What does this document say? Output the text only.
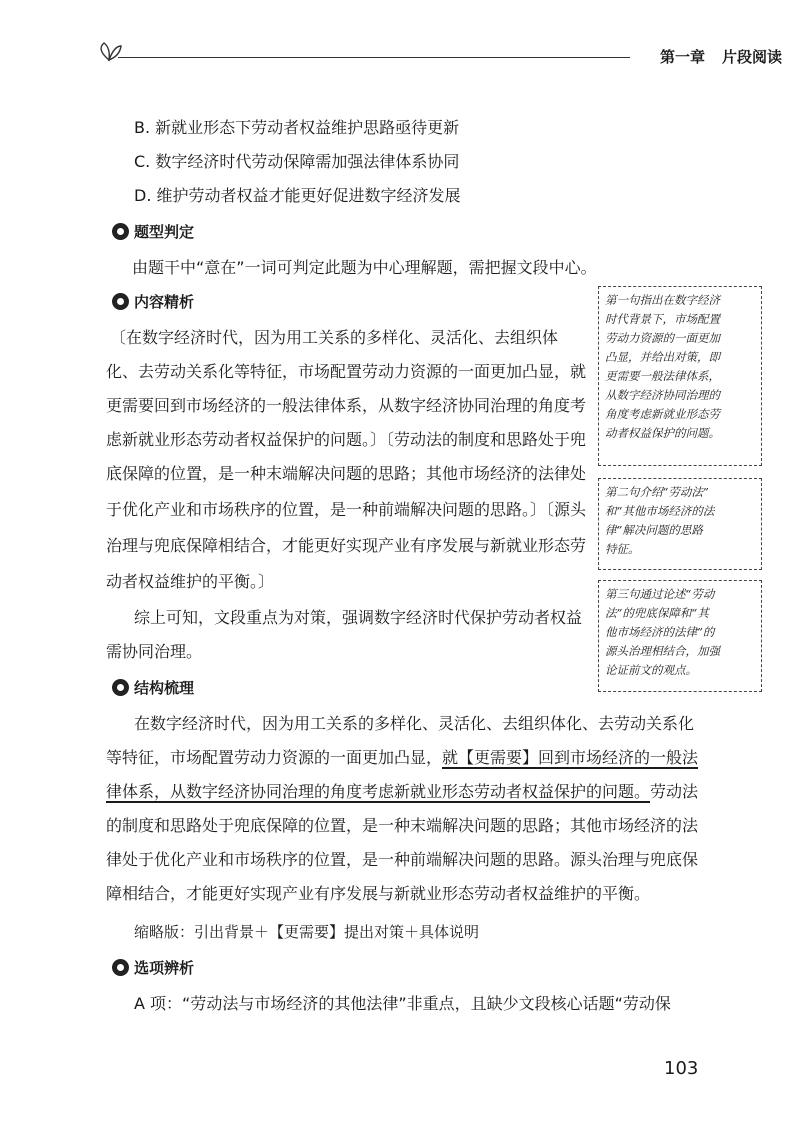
第一章 片段阅读
B. 新就业形态下劳动者权益维护思路亟待更新
C. 数字经济时代劳动保障需加强法律体系协同
D. 维护劳动者权益才能更好促进数字经济发展
题型判定
由题干中“意在”一词可判定此题为中心理解题，需把握文段中心。
内容精析
〔在数字经济时代，因为用工关系的多样化、灵活化、去组织体
化、去劳动关系化等特征，市场配置劳动力资源的一面更加凸显，就
更需要回到市场经济的一般法律体系，从数字经济协同治理的角度考
虑新就业形态劳动者权益保护的问题。〕〔劳动法的制度和思路处于兜
底保障的位置，是一种末端解决问题的思路；其他市场经济的法律处
于优化产业和市场秩序的位置，是一种前端解决问题的思路。〕〔源头
治理与兜底保障相结合，才能更好实现产业有序发展与新就业形态劳
动者权益维护的平衡。〕
综上可知，文段重点为对策，强调数字经济时代保护劳动者权益
需协同治理。
第一句指出在数字经济
时代背景下，市场配置
劳动力资源的一面更加
凸显，并给出对策，即
更需要一般法律体系，
从数字经济协同治理的
角度考虑新就业形态劳
动者权益保护的问题。
第二句介绍“劳动法”
和“其他市场经济的法
律”解决问题的思路
特征。
第三句通过论述“劳动
法”的兜底保障和“其
他市场经济的法律”的
源头治理相结合，加强
论证前文的观点。
结构梳理
在数字经济时代，因为用工关系的多样化、灵活化、去组织体化、去劳动关系化
等特征，市场配置劳动力资源的一面更加凸显，就【更需要】回到市场经济的一般法
律体系，从数字经济协同治理的角度考虑新就业形态劳动者权益保护的问题。劳动法
的制度和思路处于兜底保障的位置，是一种末端解决问题的思路；其他市场经济的法
律处于优化产业和市场秩序的位置，是一种前端解决问题的思路。源头治理与兜底保
障相结合，才能更好实现产业有序发展与新就业形态劳动者权益维护的平衡。
缩略版：引出背景＋【更需要】提出对策＋具体说明
选项辨析
A 项：“劳动法与市场经济的其他法律”非重点，且缺少文段核心话题“劳动保
103
